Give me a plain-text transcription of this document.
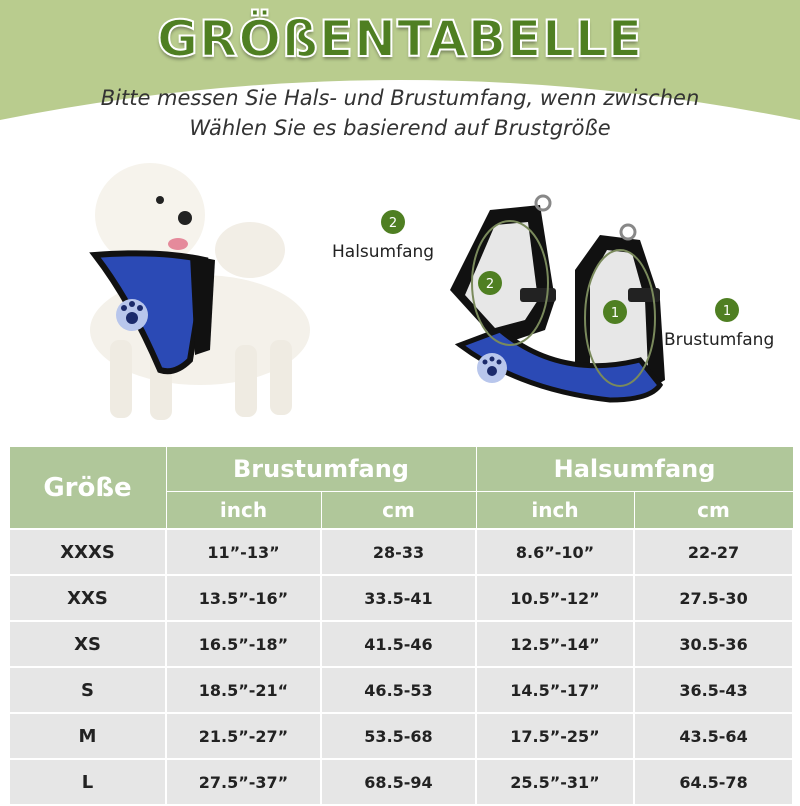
GRÖßENTABELLE
Bitte messen Sie Hals- und Brustumfang, wenn zwischen
Wählen Sie es basierend auf Brustgröße
2
2
1	1
Halsumfang
Brustumfang
Größe	Brustumfang		Halsumfang	
	inch	cm	inch	cm
XXXS	11”-13”	28-33	8.6”-10”	22-27
XXS	13.5”-16”	33.5-41	10.5”-12”	27.5-30
XS	16.5”-18”	41.5-46	12.5”-14”	30.5-36
S	18.5”-21“	46.5-53	14.5”-17”	36.5-43
M	21.5”-27”	53.5-68	17.5”-25”	43.5-64
L	27.5”-37”	68.5-94	25.5”-31”	64.5-78
